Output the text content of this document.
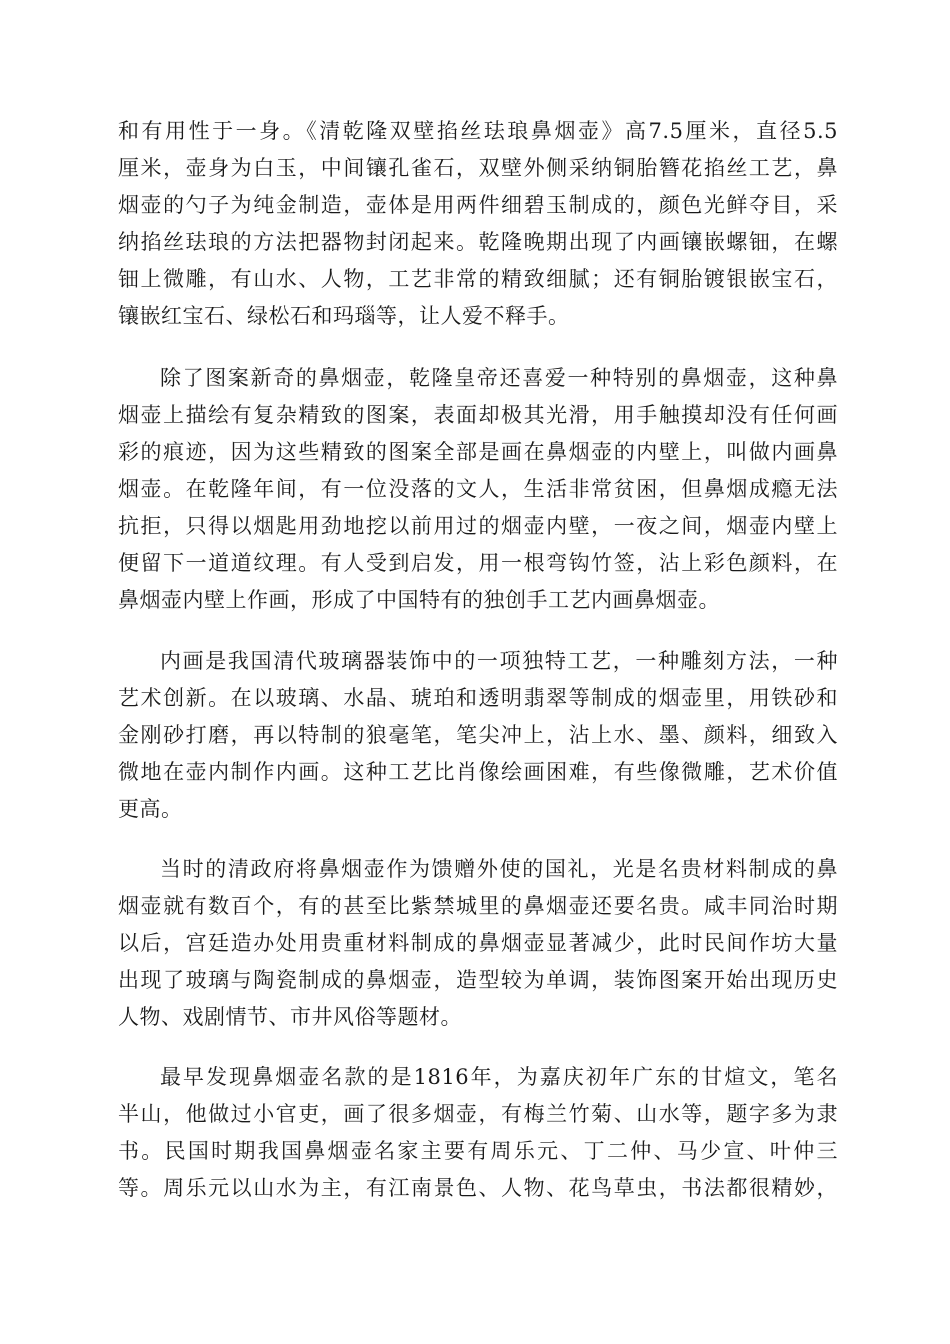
和有用性于一身。《清乾隆双壁掐丝珐琅鼻烟壶》高7.5厘米，直径5.5
厘米，壶身为白玉，中间镶孔雀石，双壁外侧采纳铜胎簪花掐丝工艺，鼻
烟壶的勺子为纯金制造，壶体是用两件细碧玉制成的，颜色光鲜夺目，采
纳掐丝珐琅的方法把器物封闭起来。乾隆晚期出现了内画镶嵌螺钿，在螺
钿上微雕，有山水、人物，工艺非常的精致细腻；还有铜胎镀银嵌宝石，
镶嵌红宝石、绿松石和玛瑙等，让人爱不释手。
除了图案新奇的鼻烟壶，乾隆皇帝还喜爱一种特别的鼻烟壶，这种鼻
烟壶上描绘有复杂精致的图案，表面却极其光滑，用手触摸却没有任何画
彩的痕迹，因为这些精致的图案全部是画在鼻烟壶的内壁上，叫做内画鼻
烟壶。在乾隆年间，有一位没落的文人，生活非常贫困，但鼻烟成瘾无法
抗拒，只得以烟匙用劲地挖以前用过的烟壶内壁，一夜之间，烟壶内壁上
便留下一道道纹理。有人受到启发，用一根弯钩竹签，沾上彩色颜料，在
鼻烟壶内壁上作画，形成了中国特有的独创手工艺内画鼻烟壶。
内画是我国清代玻璃器装饰中的一项独特工艺，一种雕刻方法，一种
艺术创新。在以玻璃、水晶、琥珀和透明翡翠等制成的烟壶里，用铁砂和
金刚砂打磨，再以特制的狼毫笔，笔尖冲上，沾上水、墨、颜料，细致入
微地在壶内制作内画。这种工艺比肖像绘画困难，有些像微雕，艺术价值
更高。
当时的清政府将鼻烟壶作为馈赠外使的国礼，光是名贵材料制成的鼻
烟壶就有数百个，有的甚至比紫禁城里的鼻烟壶还要名贵。咸丰同治时期
以后，宫廷造办处用贵重材料制成的鼻烟壶显著减少，此时民间作坊大量
出现了玻璃与陶瓷制成的鼻烟壶，造型较为单调，装饰图案开始出现历史
人物、戏剧情节、市井风俗等题材。
最早发现鼻烟壶名款的是1816年，为嘉庆初年广东的甘煊文，笔名
半山，他做过小官吏，画了很多烟壶，有梅兰竹菊、山水等，题字多为隶
书。民国时期我国鼻烟壶名家主要有周乐元、丁二仲、马少宣、叶仲三
等。周乐元以山水为主，有江南景色、人物、花鸟草虫，书法都很精妙，
